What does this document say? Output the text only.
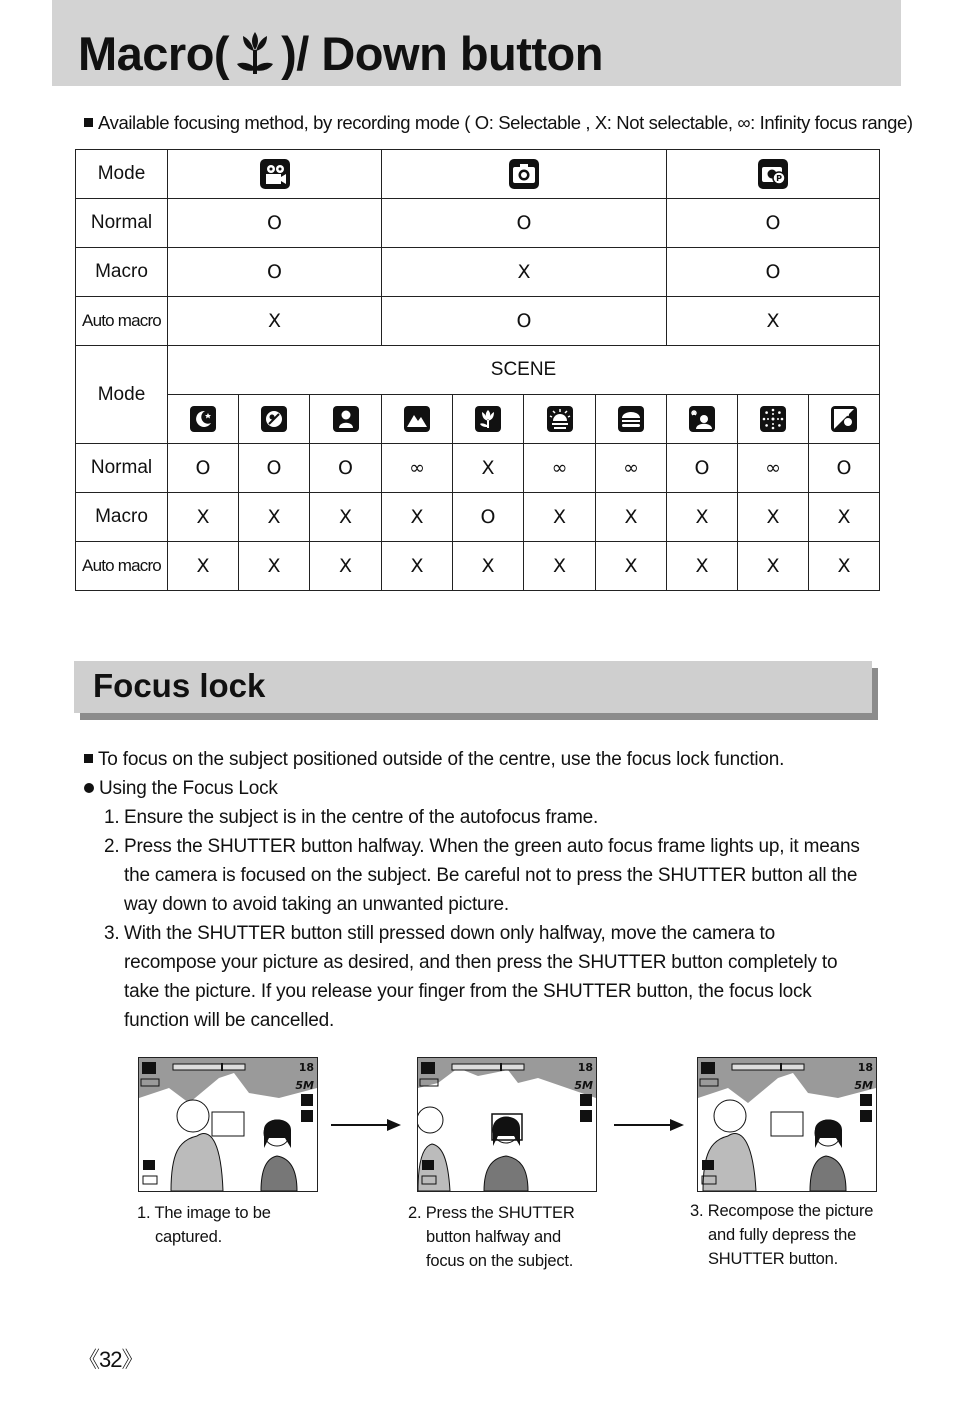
Macro( )/ Down button
Available focusing method, by recording mode ( O: Selectable , X: Not selectable, ∞: Infinity focus range)
Mode								P		

Normal	O			O				O		
Macro	O			X				O		
Auto macro	X			O				X		
Mode	SCENE									

Normal	O	O	O	∞	X	∞	∞	O	∞	O
Macro	X	X	X	X	O	X	X	X	X	X
Auto macro	X	X	X	X	X	X	X	X	X	X
Focus lock

To focus on the subject positioned outside of the centre, use the focus lock function.

Using the Focus Lock

1. Ensure the subject is in the centre of the autofocus frame.
2. Press the SHUTTER button halfway. When the green auto focus frame lights up, it means
the camera is focused on the subject. Be careful not to press the SHUTTER button all the
way down to avoid taking an unwanted picture.
3. With the SHUTTER button still pressed down only halfway, move the camera to
recompose your picture as desired, and then press the SHUTTER button completely to
take the picture. If you release your finger from the SHUTTER button, the focus lock
function will be cancelled.
18
5M
18
5M
18
5M
1. The image to be
captured.
2. Press the SHUTTER
button halfway and
focus on the subject.
3. Recompose the picture
and fully depress the
SHUTTER button.
《32》
